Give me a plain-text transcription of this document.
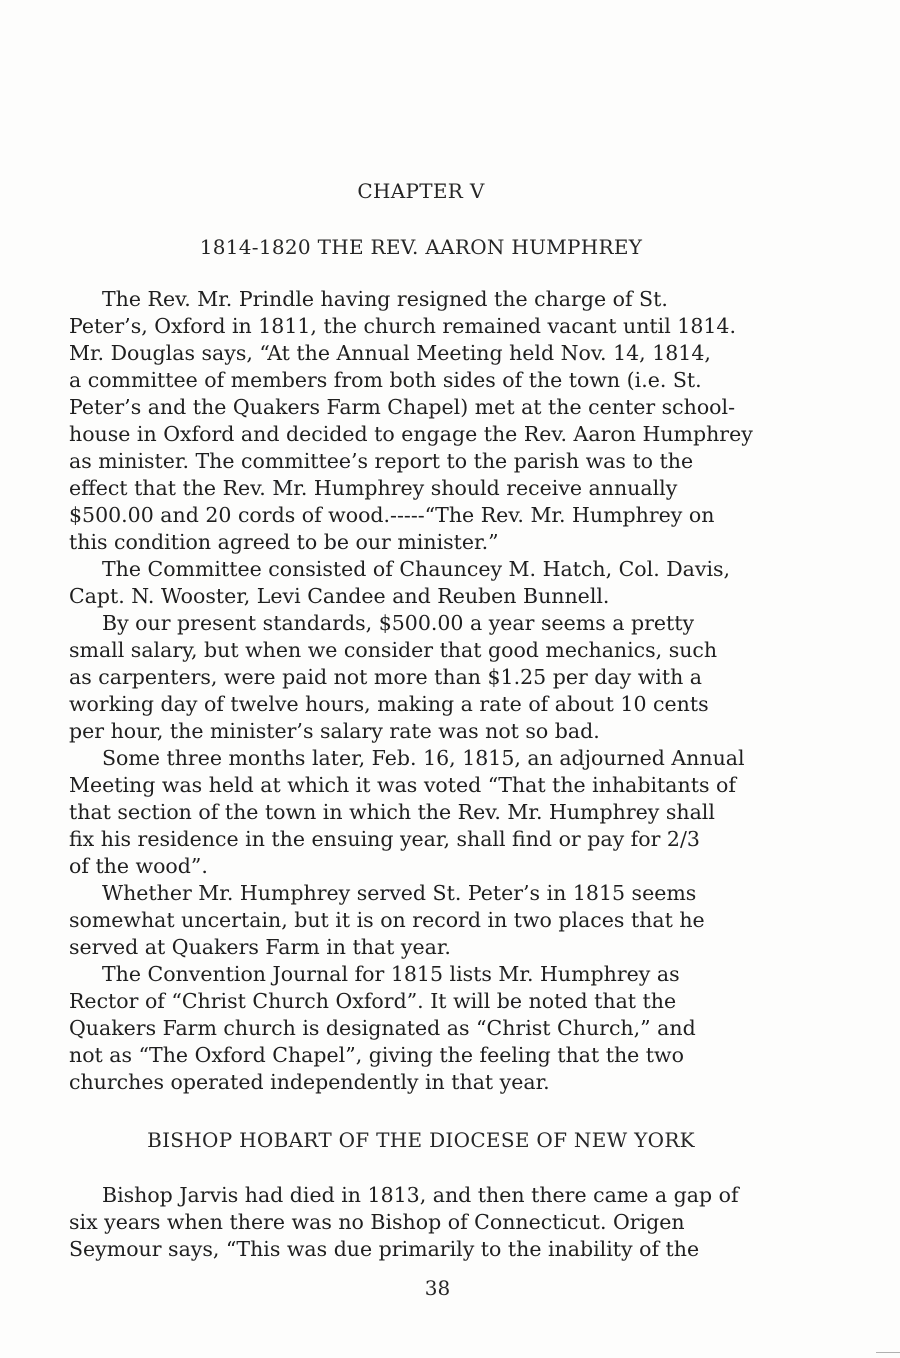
CHAPTER V
1814-1820 THE REV. AARON HUMPHREY
The Rev. Mr. Prindle having resigned the charge of St.
Peter’s, Oxford in 1811, the church remained vacant until 1814.
Mr. Douglas says, “At the Annual Meeting held Nov. 14, 1814,
a committee of members from both sides of the town (i.e. St.
Peter’s and the Quakers Farm Chapel) met at the center school-
house in Oxford and decided to engage the Rev. Aaron Humphrey
as minister. The committee’s report to the parish was to the
effect that the Rev. Mr. Humphrey should receive annually
$500.00 and 20 cords of wood.-----“The Rev. Mr. Humphrey on
this condition agreed to be our minister.”
The Committee consisted of Chauncey M. Hatch, Col. Davis,
Capt. N. Wooster, Levi Candee and Reuben Bunnell.
By our present standards, $500.00 a year seems a pretty
small salary, but when we consider that good mechanics, such
as carpenters, were paid not more than $1.25 per day with a
working day of twelve hours, making a rate of about 10 cents
per hour, the minister’s salary rate was not so bad.
Some three months later, Feb. 16, 1815, an adjourned Annual
Meeting was held at which it was voted “That the inhabitants of
that section of the town in which the Rev. Mr. Humphrey shall
fix his residence in the ensuing year, shall find or pay for 2/3
of the wood”.
Whether Mr. Humphrey served St. Peter’s in 1815 seems
somewhat uncertain, but it is on record in two places that he
served at Quakers Farm in that year.
The Convention Journal for 1815 lists Mr. Humphrey as
Rector of “Christ Church Oxford”. It will be noted that the
Quakers Farm church is designated as “Christ Church,” and
not as “The Oxford Chapel”, giving the feeling that the two
churches operated independently in that year.
BISHOP HOBART OF THE DIOCESE OF NEW YORK
Bishop Jarvis had died in 1813, and then there came a gap of
six years when there was no Bishop of Connecticut. Origen
Seymour says, “This was due primarily to the inability of the
38
